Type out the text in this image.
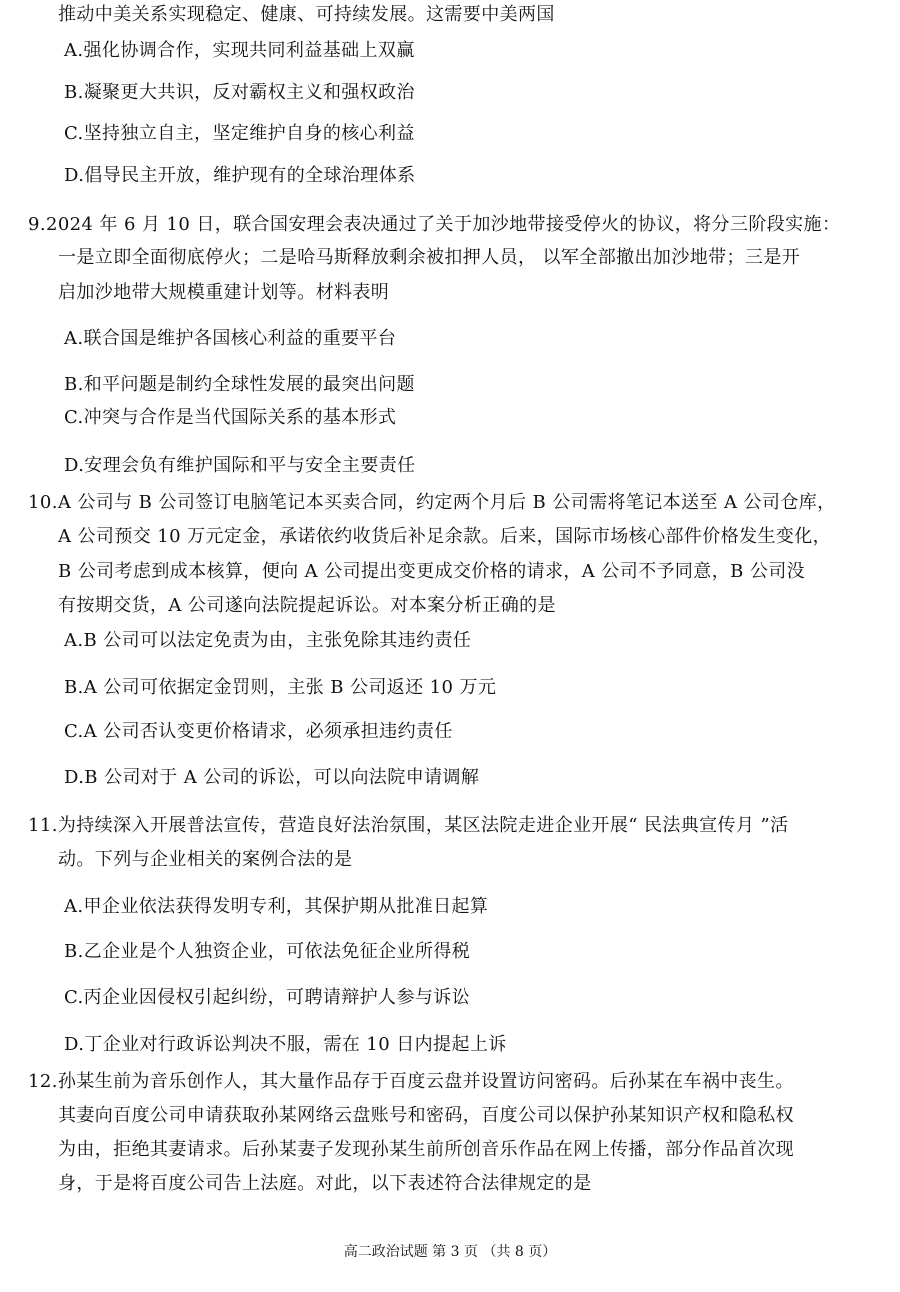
推动中美关系实现稳定、健康、可持续发展。这需要中美两国
A.强化协调合作，实现共同利益基础上双赢
B.凝聚更大共识，反对霸权主义和强权政治
C.坚持独立自主，坚定维护自身的核心利益
D.倡导民主开放，维护现有的全球治理体系
9.2024 年 6 月 10 日，联合国安理会表决通过了关于加沙地带接受停火的协议，将分三阶段实施：
一是立即全面彻底停火；二是哈马斯释放剩余被扣押人员， 以军全部撤出加沙地带；三是开
启加沙地带大规模重建计划等。材料表明
A.联合国是维护各国核心利益的重要平台
B.和平问题是制约全球性发展的最突出问题
C.冲突与合作是当代国际关系的基本形式
D.安理会负有维护国际和平与安全主要责任
10.A 公司与 B 公司签订电脑笔记本买卖合同，约定两个月后 B 公司需将笔记本送至 A 公司仓库，
A 公司预交 10 万元定金，承诺依约收货后补足余款。后来，国际市场核心部件价格发生变化，
B 公司考虑到成本核算，便向 A 公司提出变更成交价格的请求，A 公司不予同意，B 公司没
有按期交货，A 公司遂向法院提起诉讼。对本案分析正确的是
A.B 公司可以法定免责为由，主张免除其违约责任
B.A 公司可依据定金罚则，主张 B 公司返还 10 万元
C.A 公司否认变更价格请求，必须承担违约责任
D.B 公司对于 A 公司的诉讼，可以向法院申请调解
11.为持续深入开展普法宣传，营造良好法治氛围，某区法院走进企业开展“ 民法典宣传月 ”活
动。下列与企业相关的案例合法的是
A.甲企业依法获得发明专利，其保护期从批准日起算
B.乙企业是个人独资企业，可依法免征企业所得税
C.丙企业因侵权引起纠纷，可聘请辩护人参与诉讼
D.丁企业对行政诉讼判决不服，需在 10 日内提起上诉
12.孙某生前为音乐创作人，其大量作品存于百度云盘并设置访问密码。后孙某在车祸中丧生。
其妻向百度公司申请获取孙某网络云盘账号和密码，百度公司以保护孙某知识产权和隐私权
为由，拒绝其妻请求。后孙某妻子发现孙某生前所创音乐作品在网上传播，部分作品首次现
身，于是将百度公司告上法庭。对此，以下表述符合法律规定的是
高二政治试题 第 3 页 （共 8 页）
